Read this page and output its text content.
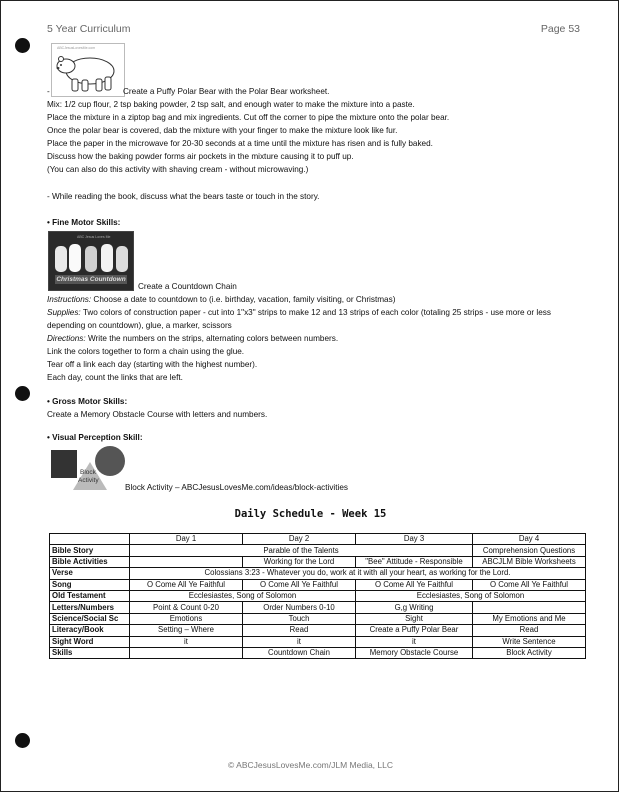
5 Year Curriculum	Page 53
ABCJesusLovesMe.com
-	Create a Puffy Polar Bear with the Polar Bear worksheet.
Mix: 1/2 cup flour, 2 tsp baking powder, 2 tsp salt, and enough water to make the mixture into a paste.
Place the mixture in a ziptop bag and mix ingredients. Cut off the corner to pipe the mixture onto the polar bear.
Once the polar bear is covered, dab the mixture with your finger to make the mixture look like fur.
Place the paper in the microwave for 20-30 seconds at a time until the mixture has risen and is fully baked.
Discuss how the baking powder forms air pockets in the mixture causing it to puff up.
(You can also do this activity with shaving cream - without microwaving.)
- While reading the book, discuss what the bears taste or touch in the story.
• Fine Motor Skills:
ABC Jesus Loves Me
Christmas Countdown
Create a Countdown Chain
Instructions: Choose a date to countdown to (i.e. birthday, vacation, family visiting, or Christmas)
Supplies: Two colors of construction paper - cut into 1"x3" strips to make 12 and 13 strips of each color (totaling 25 strips - use more or less
depending on countdown), glue, a marker, scissors
Directions: Write the numbers on the strips, alternating colors between numbers.
Link the colors together to form a chain using the glue.
Tear off a link each day (starting with the highest number).
Each day, count the links that are left.
• Gross Motor Skills:
Create a Memory Obstacle Course with letters and numbers.
• Visual Perception Skill:
Block
Activity
Block Activity – ABCJesusLovesMe.com/ideas/block-activities
Daily Schedule - Week 15
	Day 1	Day 2	Day 3	Day 4
Bible Story	Parable of the Talents			Comprehension Questions
Bible Activities		Working for the Lord	"Bee" Attitude - Responsible	ABCJLM Bible Worksheets
Verse	Colossians 3:23 - Whatever you do, work at it with all your heart, as working for the Lord.			
Song	O Come All Ye Faithful	O Come All Ye Faithful	O Come All Ye Faithful	O Come All Ye Faithful
Old Testament	Ecclesiastes, Song of Solomon		Ecclesiastes, Song of Solomon	
Letters/Numbers	Point & Count 0-20	Order Numbers 0-10	G,g Writing	
Science/Social Sc	Emotions	Touch	Sight	My Emotions and Me
Literacy/Book	Setting – Where	Read	Create a Puffy Polar Bear	Read
Sight Word	it	it	it	Write Sentence
Skills		Countdown Chain	Memory Obstacle Course	Block Activity
© ABCJesusLovesMe.com/JLM Media, LLC
